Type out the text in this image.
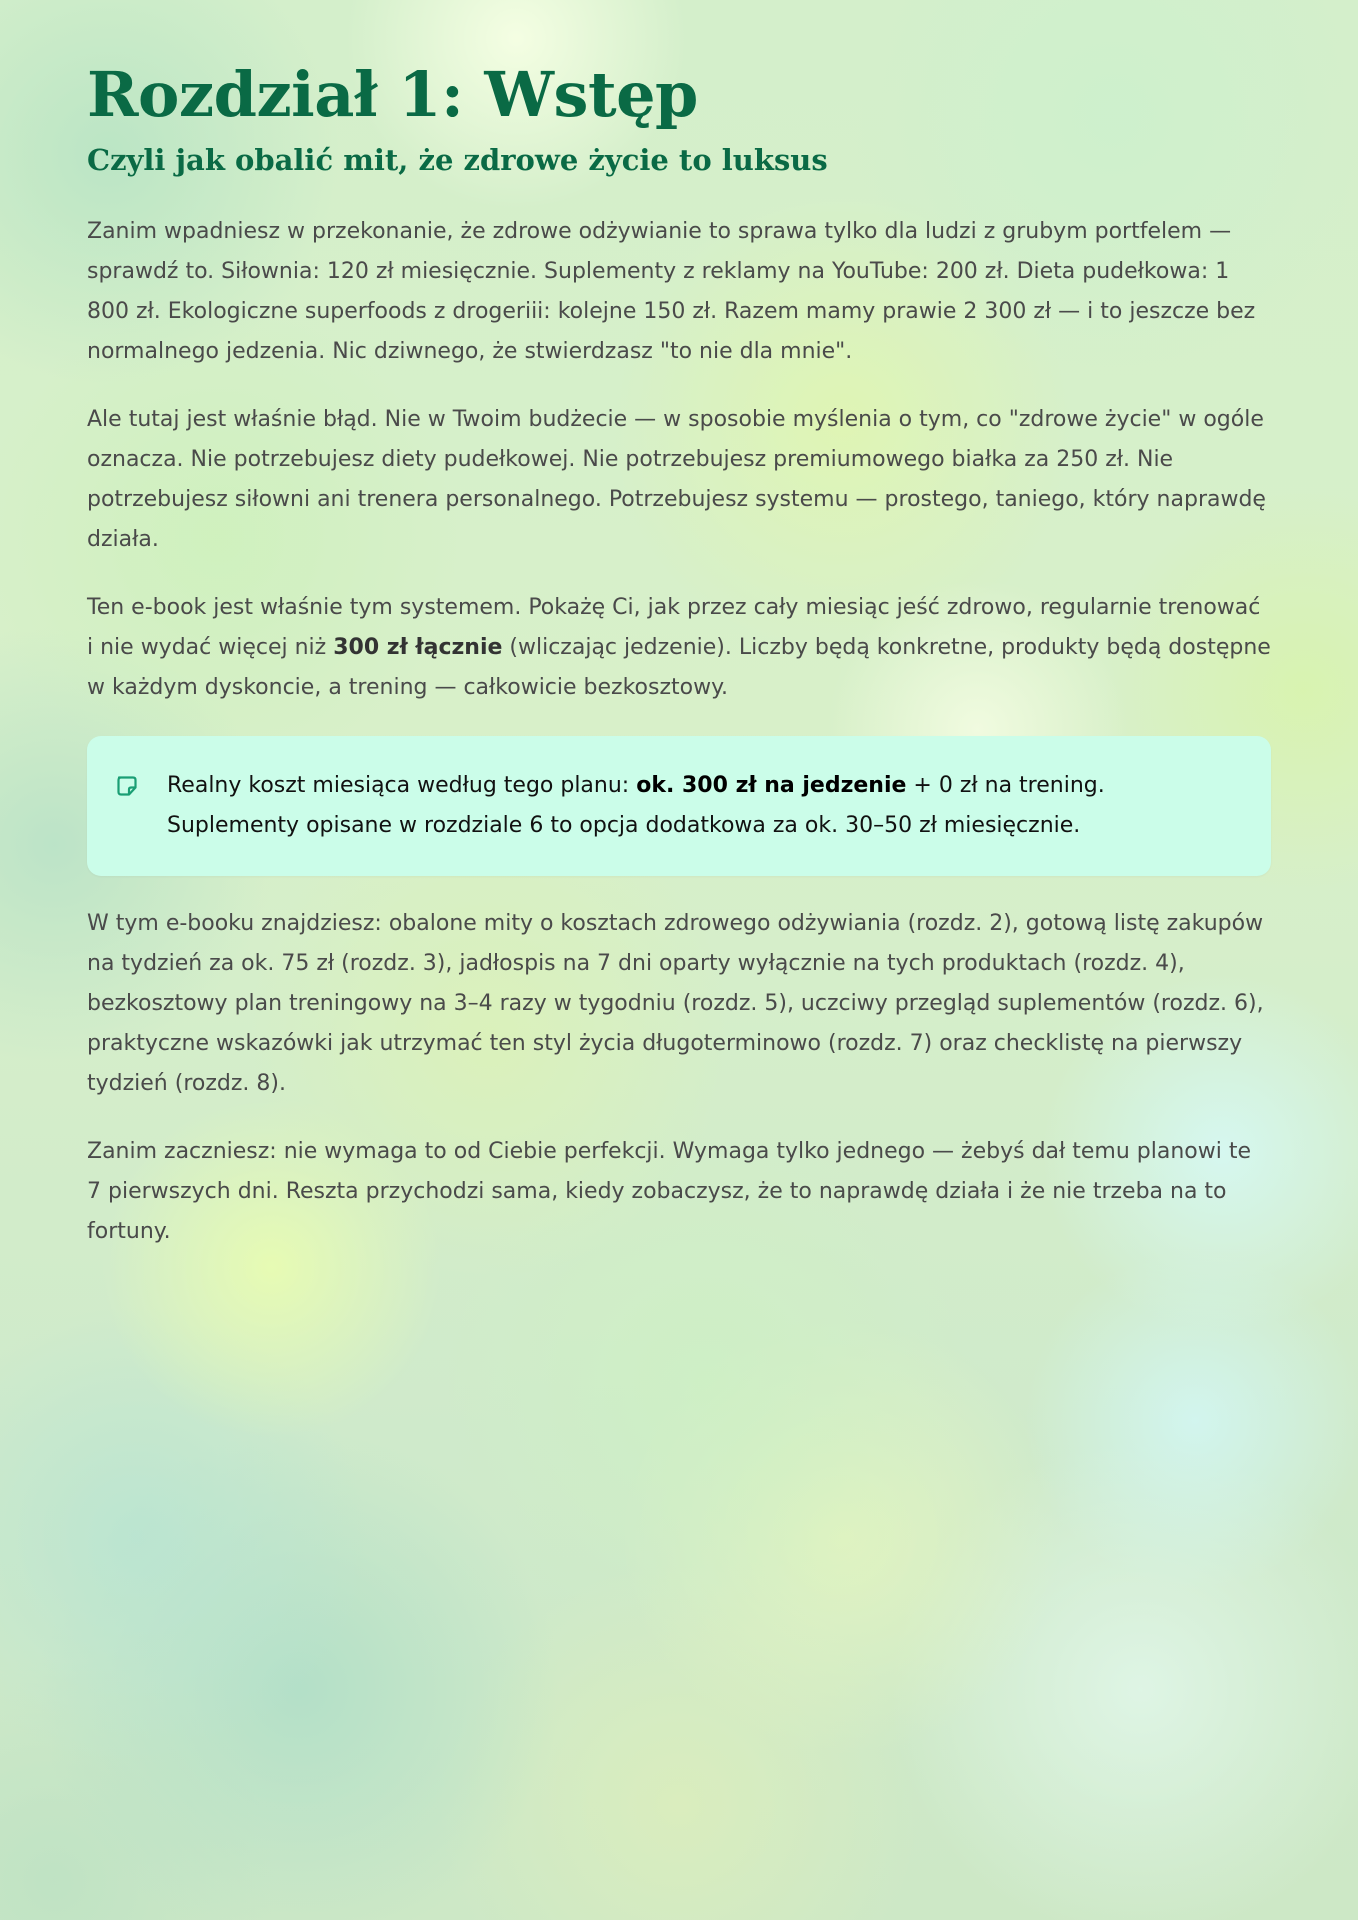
Rozdział 1: Wstęp
Czyli jak obalić mit, że zdrowe życie to luksus

Zanim wpadniesz w przekonanie, że zdrowe odżywianie to sprawa tylko dla ludzi z grubym portfelem — sprawdź to. Siłownia: 120 zł miesięcznie. Suplementy z reklamy na YouTube: 200 zł. Dieta pudełkowa: 1 800 zł. Ekologiczne superfoods z drogeriii: kolejne 150 zł. Razem mamy prawie 2 300 zł — i to jeszcze bez normalnego jedzenia. Nic dziwnego, że stwierdzasz "to nie dla mnie".

Ale tutaj jest właśnie błąd. Nie w Twoim budżecie — w sposobie myślenia o tym, co "zdrowe życie" w ogóle oznacza. Nie potrzebujesz diety pudełkowej. Nie potrzebujesz premiumowego białka za 250 zł. Nie potrzebujesz siłowni ani trenera personalnego. Potrzebujesz systemu — prostego, taniego, który naprawdę działa.

Ten e-book jest właśnie tym systemem. Pokażę Ci, jak przez cały miesiąc jeść zdrowo, regularnie trenować i nie wydać więcej niż 300 zł łącznie (wliczając jedzenie). Liczby będą konkretne, produkty będą dostępne w każdym dyskoncie, a trening — całkowicie bezkosztowy.

Realny koszt miesiąca według tego planu: ok. 300 zł na jedzenie + 0 zł na trening. Suplementy opisane w rozdziale 6 to opcja dodatkowa za ok. 30–50 zł miesięcznie.

W tym e-booku znajdziesz: obalone mity o kosztach zdrowego odżywiania (rozdz. 2), gotową listę zakupów na tydzień za ok. 75 zł (rozdz. 3), jadłospis na 7 dni oparty wyłącznie na tych produktach (rozdz. 4), bezkosztowy plan treningowy na 3–4 razy w tygodniu (rozdz. 5), uczciwy przegląd suplementów (rozdz. 6), praktyczne wskazówki jak utrzymać ten styl życia długoterminowo (rozdz. 7) oraz checklistę na pierwszy tydzień (rozdz. 8).

Zanim zaczniesz: nie wymaga to od Ciebie perfekcji. Wymaga tylko jednego — żebyś dał temu planowi te 7 pierwszych dni. Reszta przychodzi sama, kiedy zobaczysz, że to naprawdę działa i że nie trzeba na to fortuny.
